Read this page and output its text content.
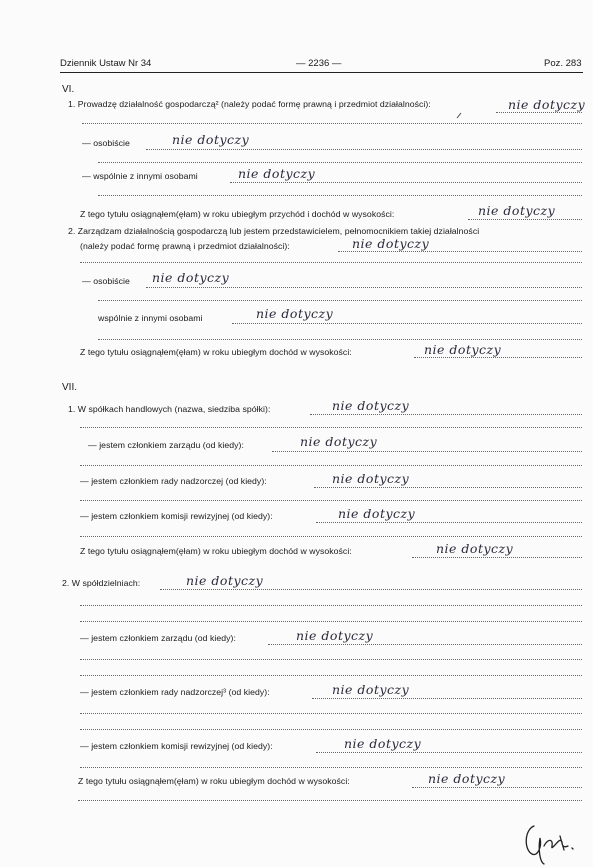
Dziennik Ustaw Nr 34	— 2236 —	Poz. 283
VI.
1. Prowadzę działalność gospodarczą² (należy podać formę prawną i przedmiot działalności):	nie dotyczy
— osobiście	nie dotyczy
— wspólnie z innymi osobami	nie dotyczy
Z tego tytułu osiągnąłem(ęłam) w roku ubiegłym przychód i dochód w wysokości:	nie dotyczy
2. Zarządzam działalnością gospodarczą lub jestem przedstawicielem, pełnomocnikiem takiej działalności
(należy podać formę prawną i przedmiot działalności):	nie dotyczy
— osobiście nie dotyczy
wspólnie z innymi osobami	nie dotyczy
Z tego tytułu osiągnąłem(ęłam) w roku ubiegłym dochód w wysokości:	nie dotyczy
VII.
1. W spółkach handlowych (nazwa, siedziba spółki):	nie dotyczy
— jestem członkiem zarządu (od kiedy):	nie dotyczy
— jestem członkiem rady nadzorczej (od kiedy):	nie dotyczy
— jestem członkiem komisji rewizyjnej (od kiedy):	nie dotyczy
Z tego tytułu osiągnąłem(ęłam) w roku ubiegłym dochód w wysokości:	nie dotyczy
2. W spółdzielniach:	nie dotyczy
— jestem członkiem zarządu (od kiedy):	nie dotyczy
— jestem członkiem rady nadzorczej³ (od kiedy):	nie dotyczy
— jestem członkiem komisji rewizyjnej (od kiedy):	nie dotyczy
Z tego tytułu osiągnąłem(ęłam) w roku ubiegłym dochód w wysokości:	nie dotyczy
